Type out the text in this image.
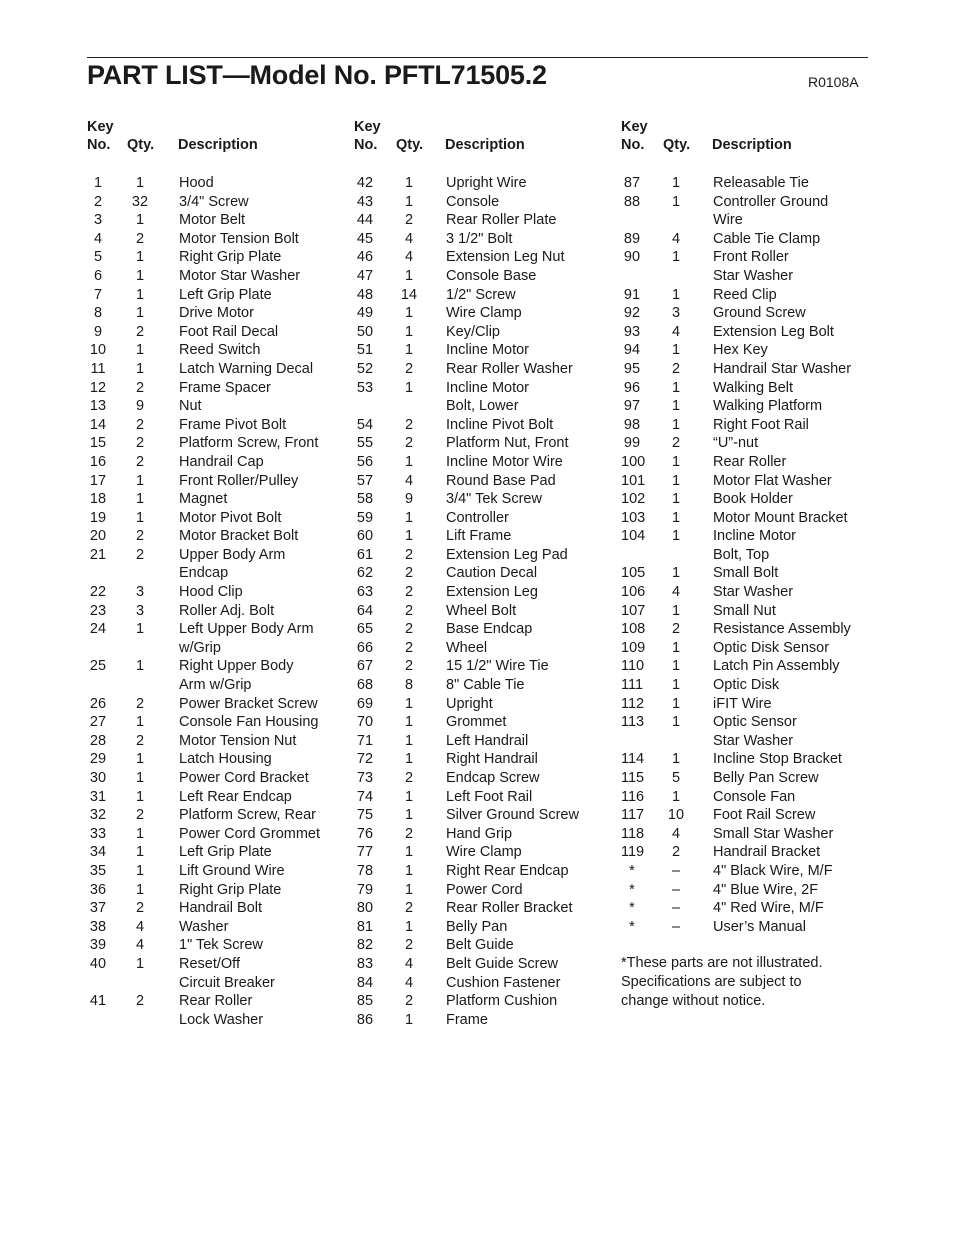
PART LIST—Model No. PFTL71505.2	R0108A
Key
No. Qty. Description
1	1	Hood
2	32 3/4" Screw
3	1	Motor Belt
4	2	Motor Tension Bolt
5	1	Right Grip Plate
6	1	Motor Star Washer
7	1	Left Grip Plate
8	1	Drive Motor
9	2	Foot Rail Decal
10	1	Reed Switch
11	1	Latch Warning Decal
12	2	Frame Spacer
13	9	Nut
14	2	Frame Pivot Bolt
15	2	Platform Screw, Front
16	2	Handrail Cap
17	1	Front Roller/Pulley
18	1	Magnet
19	1	Motor Pivot Bolt
20	2	Motor Bracket Bolt
21	2	Upper Body Arm
Endcap
22	3	Hood Clip
23	3	Roller Adj. Bolt
24	1	Left Upper Body Arm
w/Grip
25	1	Right Upper Body
Arm w/Grip
26	2	Power Bracket Screw
27	1	Console Fan Housing
28	2	Motor Tension Nut
29	1	Latch Housing
30	1	Power Cord Bracket
31	1	Left Rear Endcap
32	2	Platform Screw, Rear
33	1	Power Cord Grommet
34	1	Left Grip Plate
35	1	Lift Ground Wire
36	1	Right Grip Plate
37	2	Handrail Bolt
38	4	Washer
39	4	1" Tek Screw
40	1	Reset/Off
Circuit Breaker
41	2	Rear Roller
Lock Washer
Key
No. Qty. Description
42	1	Upright Wire
43	1	Console
44	2	Rear Roller Plate
45	4	3 1/2" Bolt
46	4	Extension Leg Nut
47	1	Console Base
48 14 1/2" Screw
49	1	Wire Clamp
50	1	Key/Clip
51	1	Incline Motor
52	2	Rear Roller Washer
53	1	Incline Motor
Bolt, Lower
54	2	Incline Pivot Bolt
55	2	Platform Nut, Front
56	1	Incline Motor Wire
57	4	Round Base Pad
58	9	3/4" Tek Screw
59	1	Controller
60	1	Lift Frame
61	2	Extension Leg Pad
62	2	Caution Decal
63	2	Extension Leg
64	2	Wheel Bolt
65	2	Base Endcap
66	2	Wheel
67	2	15 1/2" Wire Tie
68	8	8" Cable Tie
69	1	Upright
70	1	Grommet
71	1	Left Handrail
72	1	Right Handrail
73	2	Endcap Screw
74	1	Left Foot Rail
75	1	Silver Ground Screw
76	2	Hand Grip
77	1	Wire Clamp
78	1	Right Rear Endcap
79	1	Power Cord
80	2	Rear Roller Bracket
81	1	Belly Pan
82	2	Belt Guide
83	4	Belt Guide Screw
84	4	Cushion Fastener
85	2	Platform Cushion
86	1	Frame
Key
No. Qty. Description
87	1	Releasable Tie
88	1	Controller Ground
Wire
89	4	Cable Tie Clamp
90	1	Front Roller
Star Washer
91	1	Reed Clip
92	3	Ground Screw
93	4	Extension Leg Bolt
94	1	Hex Key
95	2	Handrail Star Washer
96	1	Walking Belt
97	1	Walking Platform
98	1	Right Foot Rail
99	2	“U”-nut
100	1	Rear Roller
101	1	Motor Flat Washer
102	1	Book Holder
103	1	Motor Mount Bracket
104	1	Incline Motor
Bolt, Top
105	1	Small Bolt
106	4	Star Washer
107	1	Small Nut
108	2	Resistance Assembly
109	1	Optic Disk Sensor
110	1	Latch Pin Assembly
111	1	Optic Disk
112	1	iFIT Wire
113	1	Optic Sensor
Star Washer
114	1	Incline Stop Bracket
115	5	Belly Pan Screw
116	1	Console Fan
117 10 Foot Rail Screw
118	4	Small Star Washer
119	2	Handrail Bracket
*	–	4" Black Wire, M/F
*	–	4" Blue Wire, 2F
*	–	4" Red Wire, M/F
*	–	User’s Manual
*These parts are not illustrated.
Specifications are subject to
change without notice.
